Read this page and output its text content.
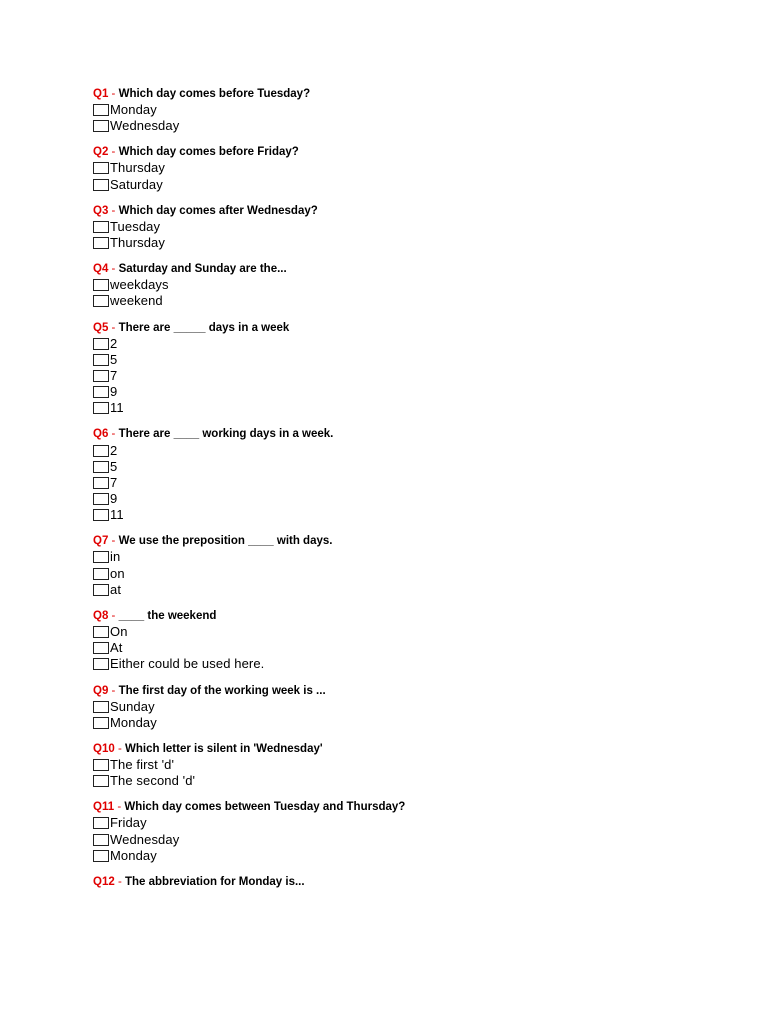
Q1 - Which day comes before Tuesday?
Monday
Wednesday
Q2 - Which day comes before Friday?
Thursday
Saturday
Q3 - Which day comes after Wednesday?
Tuesday
Thursday
Q4 - Saturday and Sunday are the...
weekdays
weekend
Q5 - There are _____ days in a week
2
5
7
9
11
Q6 - There are ____ working days in a week.
2
5
7
9
11
Q7 - We use the preposition ____ with days.
in
on
at
Q8 - ____ the weekend
On
At
Either could be used here.
Q9 - The first day of the working week is ...
Sunday
Monday
Q10 - Which letter is silent in 'Wednesday'
The first 'd'
The second 'd'
Q11 - Which day comes between Tuesday and Thursday?
Friday
Wednesday
Monday
Q12 - The abbreviation for Monday is...
